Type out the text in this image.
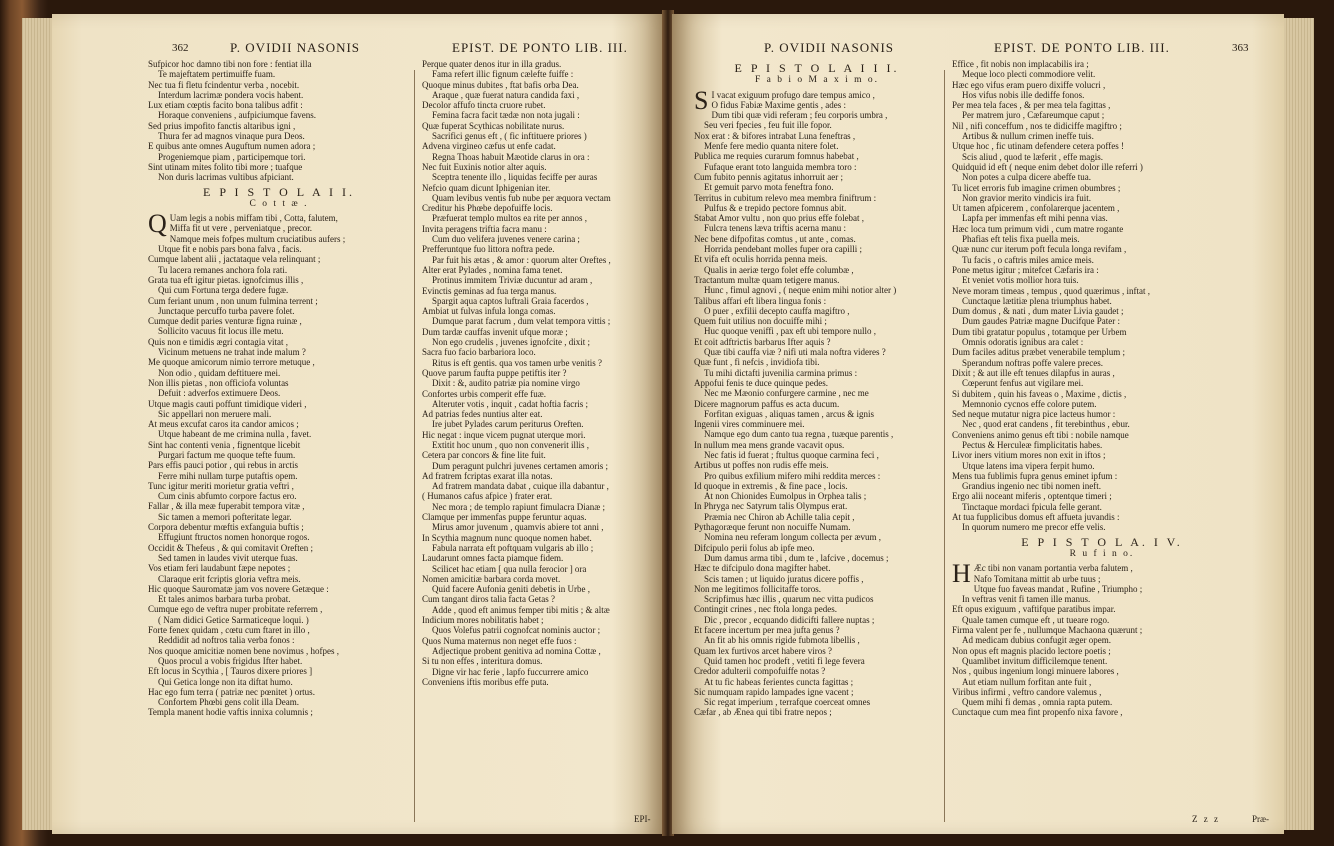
362	P. OVIDII NASONIS	EPIST. DE PONTO LIB. III.

Sufpicor hoc damno tibi non fore : fentiat illa

Te majeftatem pertimuiffe fuam.

Nec tua fi fletu fcindentur verba , nocebit.

Interdum lacrimæ pondera vocis habent.

Lux etiam cœptis facito bona talibus adfit :

Horaque conveniens , aufpiciumque favens.

Sed prius impofito fanctis altaribus igni ,

Thura fer ad magnos vinaque pura Deos.

E quibus ante omnes Auguftum numen adora ;

Progeniemque piam , participemque tori.

Sint utinam mites folito tibi more ; tuafque

Non duris lacrimas vultibus afpiciant.

E P I S T O L A I I.
C o t t æ .
Q Uam legis a nobis miffam tibi , Cotta, falutem,

Miffa fit ut vere , perveniatque , precor.

Namque meis fofpes multum cruciatibus aufers ;

Utque fit e nobis pars bona falva , facis.

Cumque labent alii , jactataque vela relinquant ;

Tu lacera remanes anchora fola rati.

Grata tua eft igitur pietas. ignofcimus illis ,

Qui cum Fortuna terga dedere fugæ.

Cum feriant unum , non unum fulmina terrent ;

Junctaque percuffo turba pavere folet.

Cumque dedit paries venturæ figna ruinæ ,

Sollicito vacuus fit locus ille metu.

Quis non e timidis ægri contagia vitat ,

Vicinum metuens ne trahat inde malum ?

Me quoque amicorum nimio terrore metuque ,

Non odio , quidam deftituere mei.

Non illis pietas , non officiofa voluntas

Defuit : adverfos extimuere Deos.

Utque magis cauti poffunt timidique videri ,

Sic appellari non meruere mali.

At meus excufat caros ita candor amicos ;

Utque habeant de me crimina nulla , favet.

Sint hac contenti venia , fignentque licebit

Purgari factum me quoque tefte fuum.

Pars effis pauci potior , qui rebus in arctis

Ferre mihi nullam turpe putaftis opem.

Tunc igitur meriti morietur gratia veftri ,

Cum cinis abfumto corpore factus ero.

Fallar , & illa meæ fuperabit tempora vitæ ,

Sic tamen a memori pofteritate legar.

Corpora debentur mœftis exfanguia buftis ;

Effugiunt ftructos nomen honorque rogos.

Occidit & Thefeus , & qui comitavit Oreften ;

Sed tamen in laudes vivit uterque fuas.

Vos etiam feri laudabunt fæpe nepotes ;

Claraque erit fcriptis gloria veftra meis.

Hic quoque Sauromatæ jam vos novere Getæque :

Et tales animos barbara turba probat.

Cumque ego de veftra nuper probitate referrem ,

( Nam didici Getice Sarmaticeque loqui. )

Forte fenex quidam , cœtu cum ftaret in illo ,

Reddidit ad noftros talia verba fonos :

Nos quoque amicitiæ nomen bene novimus , hofpes ,

Quos procul a vobis frigidus Ifter habet.

Eft locus in Scythia , [ Tauros dixere priores ]

Qui Getica longe non ita diftat humo.

Hac ego fum terra ( patriæ nec pœnitet ) ortus.

Confortem Phœbi gens colit illa Deam.

Templa manent hodie vaftis innixa columnis ;

Perque quater denos itur in illa gradus.

Fama refert illic fignum cælefte fuiffe :

Quoque minus dubites , ftat bafis orba Dea.

Araque , quæ fuerat natura candida faxi ,

Decolor affufo tincta cruore rubet.

Femina facra facit tædæ non nota jugali :

Quæ fuperat Scythicas nobilitate nurus.

Sacrifici genus eft , ( fic inftituere priores )

Advena virgineo cæfus ut enfe cadat.

Regna Thoas habuit Mæotide clarus in ora :

Nec fuit Euxinis notior alter aquis.

Sceptra tenente illo , liquidas feciffe per auras

Nefcio quam dicunt Iphigenian iter.

Quam levibus ventis fub nube per æquora vectam

Creditur his Phœbe depofuiffe locis.

Præfuerat templo multos ea rite per annos ,

Invita peragens triftia facra manu :

Cum duo velifera juvenes venere carina ;

Prefferuntque fuo littora noftra pede.

Par fuit his ætas , & amor : quorum alter Oreftes ,

Alter erat Pylades , nomina fama tenet.

Protinus immitem Triviæ ducuntur ad aram ,

Evinctis geminas ad fua terga manus.

Spargit aqua captos luftrali Graia facerdos ,

Ambiat ut fulvas infula longa comas.

Dumque parat facrum , dum velat tempora vittis ;

Dum tardæ cauffas invenit ufque moræ ;

Non ego crudelis , juvenes ignofcite , dixit ;

Sacra fuo facio barbariora loco.

Ritus is eft gentis. qua vos tamen urbe venitis ?

Quove parum faufta puppe petiftis iter ?

Dixit : &, audito patriæ pia nomine virgo

Confortes urbis comperit effe fuæ.

Alteruter votis , inquit , cadat hoftia facris ;

Ad patrias fedes nuntius alter eat.

Ire jubet Pylades carum periturus Oreften.

Hic negat : inque vicem pugnat uterque mori.

Extitit hoc unum , quo non convenerit illis ,

Cetera par concors & fine lite fuit.

Dum peragunt pulchri juvenes certamen amoris ;

Ad fratrem fcriptas exarat illa notas.

Ad fratrem mandata dabat , cuique illa dabantur ,

( Humanos cafus afpice ) frater erat.

Nec mora ; de templo rapiunt fimulacra Dianæ ;

Clamque per immenfas puppe feruntur aquas.

Mirus amor juvenum , quamvis abiere tot anni ,

In Scythia magnum nunc quoque nomen habet.

Fabula narrata eft poftquam vulgaris ab illo ;

Laudarunt omnes facta piamque fidem.

Scilicet hac etiam [ qua nulla ferocior ] ora

Nomen amicitiæ barbara corda movet.

Quid facere Aufonia geniti debetis in Urbe ,

Cum tangant diros talia facta Getas ?

Adde , quod eft animus femper tibi mitis ; & altæ

Indicium mores nobilitatis habet ;

Quos Volefus patrii cognofcat nominis auctor ;

Quos Numa maternus non neget effe fuos :

Adjectique probent genitiva ad nomina Cottæ ,

Si tu non effes , interitura domus.

Digne vir hac ferie , lapfo fuccurrere amico

Conveniens iftis moribus effe puta.

EPI-
P. OVIDII NASONIS	EPIST. DE PONTO LIB. III.	363
E P I S T O L A I I I.
F a b i o M a x i m o.
S I vacat exiguum profugo dare tempus amico ,

O fidus Fabiæ Maxime gentis , ades :

Dum tibi quæ vidi referam ; feu corporis umbra ,

Seu veri fpecies , feu fuit ille fopor.

Nox erat : & bifores intrabat Luna feneftras ,

Menfe fere medio quanta nitere folet.

Publica me requies curarum fomnus habebat ,

Fufaque erant toto languida membra toro :

Cum fubito pennis agitatus inhorruit aer ;

Et gemuit parvo mota feneftra fono.

Territus in cubitum relevo mea membra finiftrum :

Pulfus & e trepido pectore fomnus abit.

Stabat Amor vultu , non quo prius effe folebat ,

Fulcra tenens læva triftis acerna manu :

Nec bene difpofitas comtus , ut ante , comas.

Horrida pendebant molles fuper ora capilli ;

Et vifa eft oculis horrida penna meis.

Qualis in aeriæ tergo folet effe columbæ ,

Tractantum multæ quam tetigere manus.

Hunc , fimul agnovi , ( neque enim mihi notior alter )

Talibus affari eft libera lingua fonis :

O puer , exfilii decepto cauffa magiftro ,

Quem fuit utilius non docuiffe mihi ;

Huc quoque veniffi , pax eft ubi tempore nullo ,

Et coit adftrictis barbarus Ifter aquis ?

Quæ tibi cauffa viæ ? nifi uti mala noftra videres ?

Quæ funt , fi nefcis , invidiofa tibi.

Tu mihi dictafti juvenilia carmina primus :

Appofui fenis te duce quinque pedes.

Nec me Mæonio confurgere carmine , nec me

Dicere magnorum paffus es acta ducum.

Forfitan exiguas , aliquas tamen , arcus & ignis

Ingenii vires comminuere mei.

Namque ego dum canto tua regna , tuæque parentis ,

In nullum mea mens grande vacavit opus.

Nec fatis id fuerat ; ftultus quoque carmina feci ,

Artibus ut poffes non rudis effe meis.

Pro quibus exfilium mifero mihi reddita merces :

Id quoque in extremis , & fine pace , locis.

At non Chionides Eumolpus in Orphea talis ;

In Phryga nec Satyrum talis Olympus erat.

Præmia nec Chiron ab Achille talia cepit ,

Pythagoræque ferunt non nocuiffe Numam.

Nomina neu referam longum collecta per ævum ,

Difcipulo perii folus ab ipfe meo.

Dum damus arma tibi , dum te , lafcive , docemus ;

Hæc te difcipulo dona magifter habet.

Scis tamen ; ut liquido juratus dicere poffis ,

Non me legitimos follicitaffe toros.

Scripfimus hæc illis , quarum nec vitta pudicos

Contingit crines , nec ftola longa pedes.

Dic , precor , ecquando didicifti fallere nuptas ;

Et facere incertum per mea jufta genus ?

An fit ab his omnis rigide fubmota libellis ,

Quam lex furtivos arcet habere viros ?

Quid tamen hoc prodeft , vetiti fi lege fevera

Credor adulterii compofuiffe notas ?

At tu fic habeas ferientes cuncta fagittas ;

Sic numquam rapido lampades igne vacent ;

Sic regat imperium , terrafque coerceat omnes

Cæfar , ab Ænea qui tibi fratre nepos ;

Effice , fit nobis non implacabilis ira ;

Meque loco plecti commodiore velit.

Hæc ego vifus eram puero dixiffe volucri ,

Hos vifus nobis ille dediffe fonos.

Per mea tela faces , & per mea tela fagittas ,

Per matrem juro , Cæfareumque caput ;

Nil , nifi conceffum , nos te didiciffe magiftro ;

Artibus & nullum crimen ineffe tuis.

Utque hoc , fic utinam defendere cetera poffes !

Scis aliud , quod te læferit , effe magis.

Quidquid id eft ( neque enim debet dolor ille referri )

Non potes a culpa dicere abeffe tua.

Tu licet erroris fub imagine crimen obumbres ;

Non gravior merito vindicis ira fuit.

Ut tamen afpicerem , confolarerque jacentem ,

Lapfa per immenfas eft mihi penna vias.

Hæc loca tum primum vidi , cum matre rogante

Phafias eft telis fixa puella meis.

Quæ nunc cur iterum poft fecula longa revifam ,

Tu facis , o caftris miles amice meis.

Pone metus igitur ; mitefcet Cæfaris ira :

Et veniet votis mollior hora tuis.

Neve moram timeas , tempus , quod quærimus , inftat ,

Cunctaque lætitiæ plena triumphus habet.

Dum domus , & nati , dum mater Livia gaudet ;

Dum gaudes Patriæ magne Ducifque Pater :

Dum tibi gratatur populus , totamque per Urbem

Omnis odoratis ignibus ara calet :

Dum faciles aditus præbet venerabile templum ;

Sperandum noftras poffe valere preces.

Dixit ; & aut ille eft tenues dilapfus in auras ,

Cœperunt fenfus aut vigilare mei.

Si dubitem , quin his faveas o , Maxime , dictis ,

Memnonio cycnos effe colore putem.

Sed neque mutatur nigra pice lacteus humor :

Nec , quod erat candens , fit terebinthus , ebur.

Conveniens animo genus eft tibi : nobile namque

Pectus & Herculeæ fimplicitatis habes.

Livor iners vitium mores non exit in iftos ;

Utque latens ima vipera ferpit humo.

Mens tua fublimis fupra genus eminet ipfum :

Grandius ingenio nec tibi nomen ineft.

Ergo alii noceant miferis , optentque timeri ;

Tinctaque mordaci fpicula felle gerant.

At tua fupplicibus domus eft affueta juvandis :

In quorum numero me precor effe velis.

E P I S T O L A. I V.
R u f i n o.
H Æc tibi non vanam portantia verba falutem ,

Nafo Tomitana mittit ab urbe tuus ;

Utque fuo faveas mandat , Rufine , Triumpho ;

In veftras venit fi tamen ille manus.

Eft opus exiguum , vaftifque paratibus impar.

Quale tamen cumque eft , ut tueare rogo.

Firma valent per fe , nullumque Machaona quærunt ;

Ad medicam dubius confugit æger opem.

Non opus eft magnis placido lectore poetis ;

Quamlibet invitum difficilemque tenent.

Nos , quibus ingenium longi minuere labores ,

Aut etiam nullum forfitan ante fuit ,

Viribus infirmi , veftro candore valemus ,

Quem mihi fi demas , omnia rapta putem.

Cunctaque cum mea fint propenfo nixa favore ,

Z z z	Præ-
